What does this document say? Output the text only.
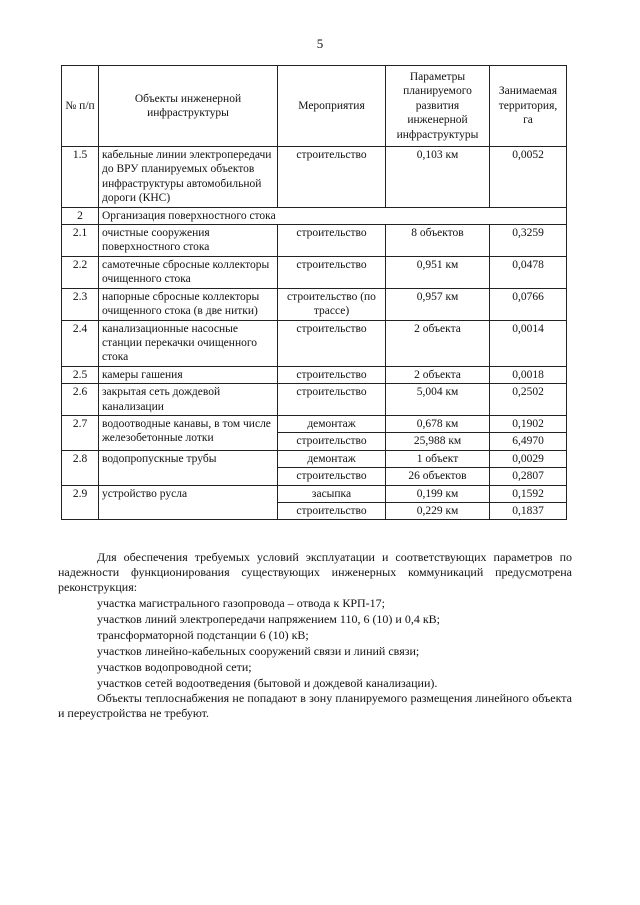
5
№ п/п	Объекты инженерной инфраструктуры	Мероприятия	Параметры планируемого развития инженерной инфраструктуры	Занимаемая территория, га
1.5	кабельные линии электропередачи до ВРУ планируемых объектов инфраструктуры автомобильной дороги (КНС)	строительство	0,103 км	0,0052
2	Организация поверхностного стока			
2.1	очистные сооружения поверхностного стока	строительство	8 объектов	0,3259
2.2	самотечные сбросные коллекторы очищенного стока	строительство	0,951 км	0,0478
2.3	напорные сбросные коллекторы очищенного стока (в две нитки)	строительство (по трассе)	0,957 км	0,0766
2.4	канализационные насосные станции перекачки очищенного стока	строительство	2 объекта	0,0014
2.5	камеры гашения	строительство	2 объекта	0,0018
2.6	закрытая сеть дождевой канализации	строительство	5,004 км	0,2502
2.7	водоотводные канавы, в том числе железобетонные лотки	демонтаж	0,678 км	0,1902
		строительство	25,988 км	6,4970
2.8	водопропускные трубы	демонтаж	1 объект	0,0029
		строительство	26 объектов	0,2807
2.9	устройство русла	засыпка	0,199 км	0,1592
		строительство	0,229 км	0,1837
Для обеспечения требуемых условий эксплуатации и соответствующих параметров по надежности функционирования существующих инженерных коммуникаций предусмотрена реконструкция:
участка магистрального газопровода – отвода к КРП-17;
участков линий электропередачи напряжением 110, 6 (10) и 0,4 кВ;
трансформаторной подстанции 6 (10) кВ;
участков линейно-кабельных сооружений связи и линий связи;
участков водопроводной сети;
участков сетей водоотведения (бытовой и дождевой канализации).
Объекты теплоснабжения не попадают в зону планируемого размещения линейного объекта и переустройства не требуют.
